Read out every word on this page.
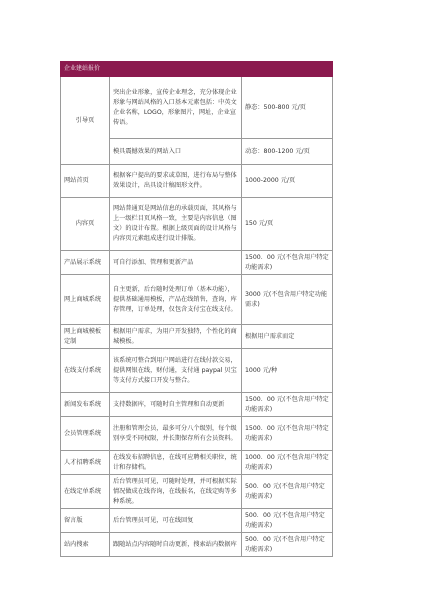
企业建站报价		
引导页	突出企业形象，宣传企业理念，充分体现企业形象与网站风格的入口基本元素包括：中英文企业名称，LOGO，形象图片，网址，企业宣传语。	静态：500-800 元/页
	模具震撼效果的网站入口	动态：800-1200 元/页
网站首页	根据客户提出的要求或草图，进行布局与整体效果设计，出具设计稿图形文件。	1000-2000 元/页
内容页	网站普通页是网站信息的承载页面，其风格与上一级栏目页风格一致，主要是内容信息（图文）的设计布置。根据上级页面的设计风格与内容页元素组成进行设计排版。	150 元/页
产品展示系统	可自行添加、管理和更新产品	1500．00 元(不包含用户特定功能需求)
网上商城系统	自主更新，后台随时处理订单（基本功能），提供基础通用模板，产品在线销售，查询，库存管理，订单处理，仅包含支付宝在线支付。	3000 元(不包含用户特定功能需求)
网上商城模板定制	根据用户需求，为用户开发独特，个性化的商城模板。	根据用户需求而定
在线支付系统	该系统可整合到用户网站进行在线付款交易，提供网银在线，财付通，支付通 paypal 贝宝等支付方式接口开发与整合。	1000 元/种
新闻发布系统	支持数据库，可随时自主管理和自动更新	1500．00 元(不包含用户特定功能需求)
会员管理系统	注册和管理会员，最多可分八个级别，每个级别享受不同权限，并长期保存所有会员资料。	1500．00 元(不包含用户特定功能需求)
人才招聘系统	在线发布招聘信息，在线可应聘相关职位，统计和存储档。	1000．00 元(不包含用户特定功能需求)
在线定单系统	后台管理员可见，可随时处理，并可根据实际情况做成在线咨询，在线报名，在线定购等多种系统。	500．00 元(不包含用户特定功能需求)
留言版	后台管理员可见，可在线回复	500．00 元(不包含用户特定功能需求)
站内搜索	跟随站点内容随时自动更新，搜索站内数据库	500．00 元(不包含用户特定功能需求)
